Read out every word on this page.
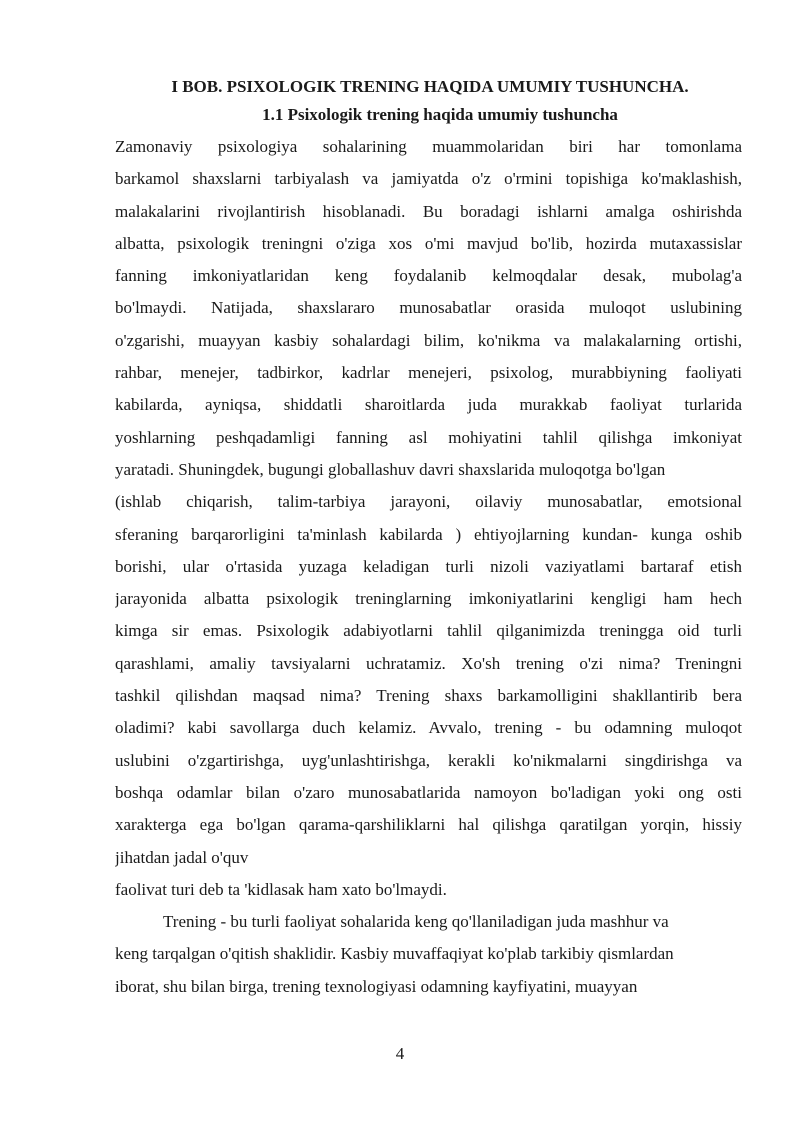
I BOB. PSIXOLOGIK TRENING HAQIDA UMUMIY TUSHUNCHA.
1.1 Psixologik trening haqida umumiy tushuncha
Zamonaviy psixologiya sohalarining muammolaridan biri har tomonlama
barkamol shaxslarni tarbiyalash va jamiyatda o'z o'rmini topishiga ko'maklashish,
malakalarini rivojlantirish hisoblanadi. Bu boradagi ishlarni amalga oshirishda
albatta, psixologik treningni o'ziga xos o'mi mavjud bo'lib, hozirda mutaxassislar
fanning imkoniyatlaridan keng foydalanib kelmoqdalar desak, mubolag'a
bo'lmaydi. Natijada, shaxslararo munosabatlar orasida muloqot uslubining
o'zgarishi, muayyan kasbiy sohalardagi bilim, ko'nikma va malakalarning ortishi,
rahbar, menejer, tadbirkor, kadrlar menejeri, psixolog, murabbiyning faoliyati
kabilarda, ayniqsa, shiddatli sharoitlarda juda murakkab faoliyat turlarida
yoshlarning peshqadamligi fanning asl mohiyatini tahlil qilishga imkoniyat
yaratadi. Shuningdek, bugungi globallashuv davri shaxslarida muloqotga bo'lgan
(ishlab chiqarish, talim-tarbiya jarayoni, oilaviy munosabatlar, emotsional
sferaning barqarorligini ta'minlash kabilarda ) ehtiyojlarning kundan- kunga oshib
borishi, ular o'rtasida yuzaga keladigan turli nizoli vaziyatlami bartaraf etish
jarayonida albatta psixologik treninglarning imkoniyatlarini kengligi ham hech
kimga sir emas. Psixologik adabiyotlarni tahlil qilganimizda treningga oid turli
qarashlami, amaliy tavsiyalarni uchratamiz. Xo'sh trening o'zi nima? Treningni
tashkil qilishdan maqsad nima? Trening shaxs barkamolligini shakllantirib bera
oladimi? kabi savollarga duch kelamiz. Avvalo, trening - bu odamning muloqot
uslubini o'zgartirishga, uyg'unlashtirishga, kerakli ko'nikmalarni singdirishga va
boshqa odamlar bilan o'zaro munosabatlarida namoyon bo'ladigan yoki ong osti
xarakterga ega bo'lgan qarama-qarshiliklarni hal qilishga qaratilgan yorqin, hissiy
jihatdan jadal o'quv
faolivat turi deb ta 'kidlasak ham xato bo'lmaydi.
Trening - bu turli faoliyat sohalarida keng qo'llaniladigan juda mashhur va
keng tarqalgan o'qitish shaklidir. Kasbiy muvaffaqiyat ko'plab tarkibiy qismlardan
iborat, shu bilan birga, trening texnologiyasi odamning kayfiyatini, muayyan
4
